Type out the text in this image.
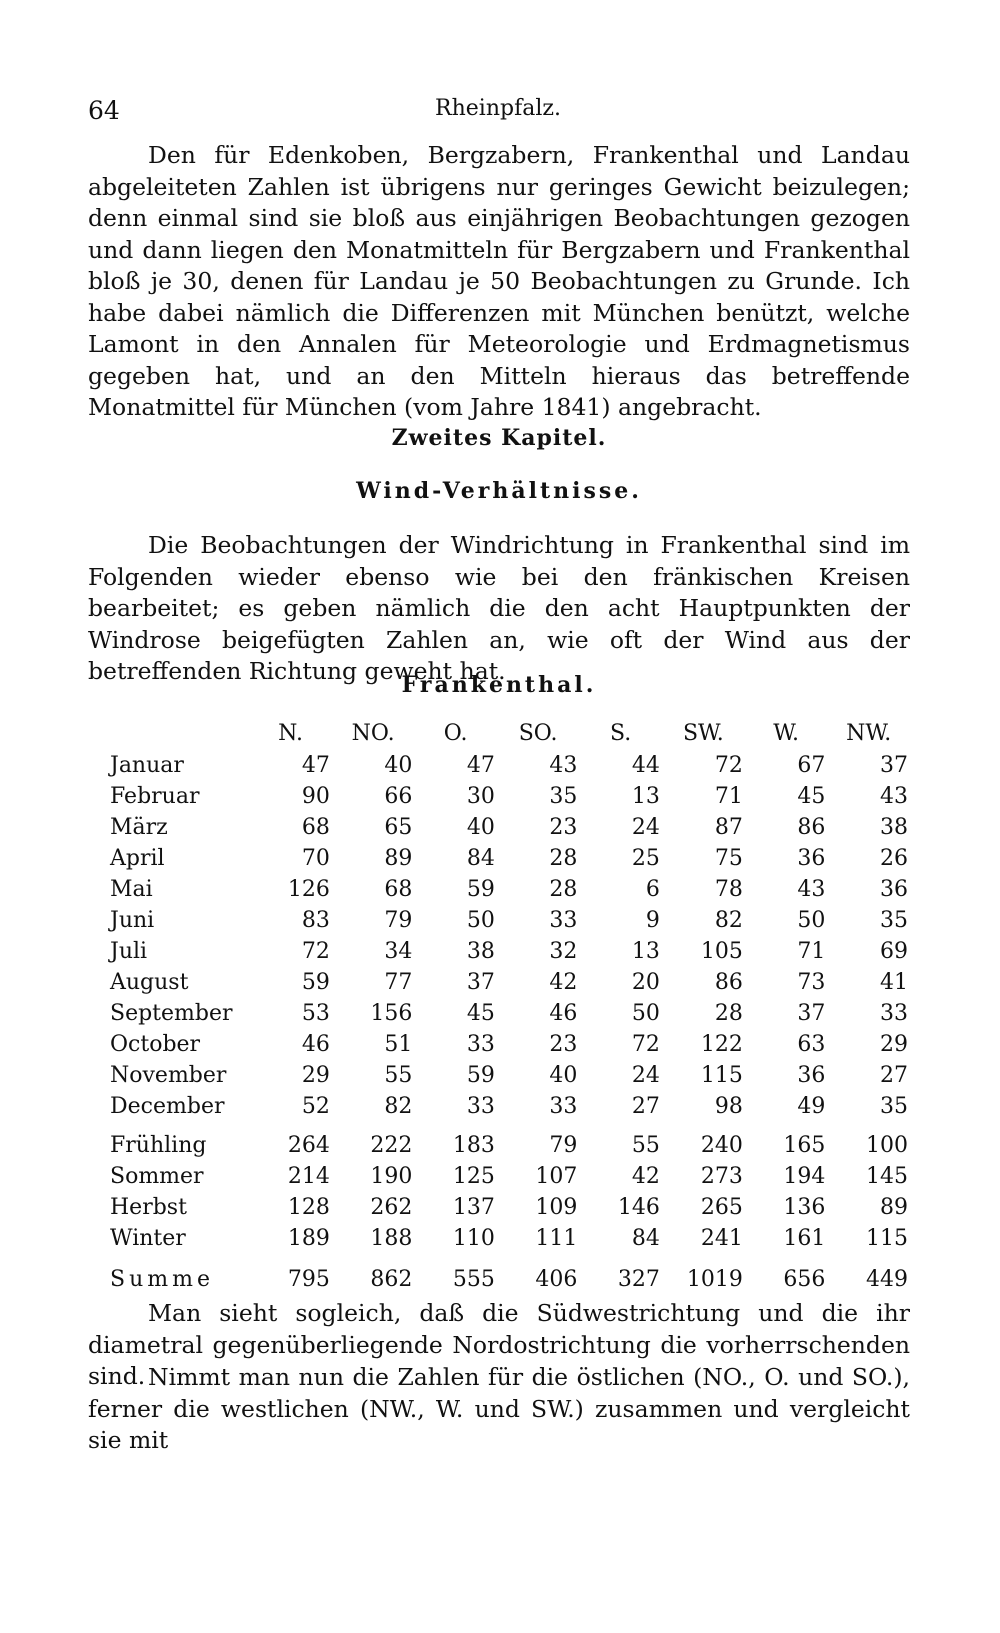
64	Rheinpfalz.

Den für Edenkoben, Bergzabern, Frankenthal und Landau abgeleiteten Zahlen ist übrigens nur geringes Gewicht beizulegen; denn einmal sind sie bloß aus einjährigen Beobachtungen gezogen und dann liegen den Monatmitteln für Bergzabern und Frankenthal bloß je 30, denen für Landau je 50 Beobachtungen zu Grunde. Ich habe dabei nämlich die Differenzen mit München benützt, welche Lamont in den Annalen für Meteorologie und Erdmagnetismus gegeben hat, und an den Mitteln hieraus das betreffende Monatmittel für München (vom Jahre 1841) angebracht.

Zweites Kapitel.
Wind-Verhältnisse.

Die Beobachtungen der Windrichtung in Frankenthal sind im Folgenden wieder ebenso wie bei den fränkischen Kreisen bearbeitet; es geben nämlich die den acht Hauptpunkten der Windrose beigefügten Zahlen an, wie oft der Wind aus der betreffenden Richtung geweht hat.

Frankenthal.
	N.	NO.	O.	SO.	S.	SW.	W.	NW.
Januar	47	40	47	43	44	72	67	37
Februar	90	66	30	35	13	71	45	43
März	68	65	40	23	24	87	86	38
April	70	89	84	28	25	75	36	26
Mai	126	68	59	28	6	78	43	36
Juni	83	79	50	33	9	82	50	35
Juli	72	34	38	32	13	105	71	69
August	59	77	37	42	20	86	73	41
September	53	156	45	46	50	28	37	33
October	46	51	33	23	72	122	63	29
November	29	55	59	40	24	115	36	27
December	52	82	33	33	27	98	49	35
Frühling	264	222	183	79	55	240	165	100
Sommer	214	190	125	107	42	273	194	145
Herbst	128	262	137	109	146	265	136	89
Winter	189	188	110	111	84	241	161	115
Summe	795	862	555	406	327	1019	656	449

Man sieht sogleich, daß die Südwestrichtung und die ihr diametral gegenüberliegende Nordostrichtung die vorherrschenden sind. Nimmt man nun die Zahlen für die östlichen (NO., O. und SO.), ferner die westlichen (NW., W. und SW.) zusammen und vergleicht sie mit
